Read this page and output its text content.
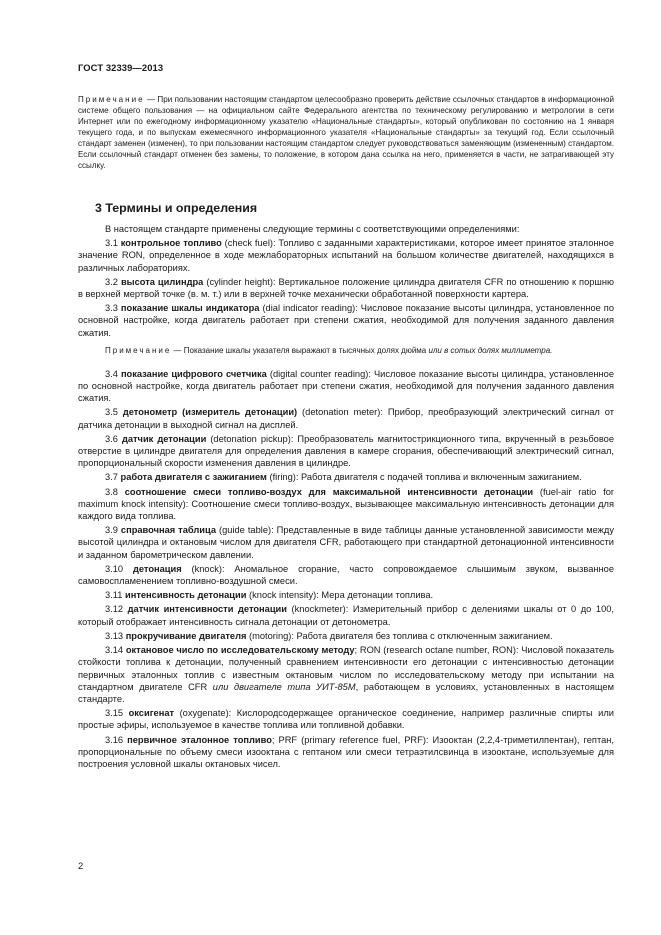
ГОСТ 32339—2013
Примечание — При пользовании настоящим стандартом целесообразно проверить действие ссылочных стандартов в информационной системе общего пользования — на официальном сайте Федерального агентства по техническому регулированию и метрологии в сети Интернет или по ежегодному информационному указателю «Национальные стандарты», который опубликован по состоянию на 1 января текущего года, и по выпускам ежемесячного информационного указателя «Национальные стандарты» за текущий год. Если ссылочный стандарт заменен (изменен), то при пользовании настоящим стандартом следует руководствоваться заменяющим (измененным) стандартом. Если ссылочный стандарт отменен без замены, то положение, в котором дана ссылка на него, применяется в части, не затрагивающей эту ссылку.
3 Термины и определения

В настоящем стандарте применены следующие термины с соответствующими определениями:

3.1 контрольное топливо (check fuel): Топливо с заданными характеристиками, которое имеет принятое эталонное значение RON, определенное в ходе межлабораторных испытаний на большом количестве двигателей, находящихся в различных лабораториях.

3.2 высота цилиндра (cylinder height): Вертикальное положение цилиндра двигателя CFR по отношению к поршню в верхней мертвой точке (в. м. т.) или в верхней точке механически обработанной поверхности картера.

3.3 показание шкалы индикатора (dial indicator reading): Числовое показание высоты цилиндра, установленное по основной настройке, когда двигатель работает при степени сжатия, необходимой для получения заданного давления сжатия.

Примечание — Показание шкалы указателя выражают в тысячных долях дюйма или в сотых долях миллиметра.

3.4 показание цифрового счетчика (digital counter reading): Числовое показание высоты цилиндра, установленное по основной настройке, когда двигатель работает при степени сжатия, необходимой для получения заданного давления сжатия.

3.5 детонометр (измеритель детонации) (detonation meter): Прибор, преобразующий электрический сигнал от датчика детонации в выходной сигнал на дисплей.

3.6 датчик детонации (detonation pickup): Преобразователь магнитострикционного типа, вкрученный в резьбовое отверстие в цилиндре двигателя для определения давления в камере сгорания, обеспечивающий электрический сигнал, пропорциональный скорости изменения давления в цилиндре.

3.7 работа двигателя с зажиганием (firing): Работа двигателя с подачей топлива и включенным зажиганием.

3.8 соотношение смеси топливо-воздух для максимальной интенсивности детонации (fuel-air ratio for maximum knock intensity): Соотношение смеси топливо-воздух, вызывающее максимальную интенсивность детонации для каждого вида топлива.

3.9 справочная таблица (guide table): Представленные в виде таблицы данные установленной зависимости между высотой цилиндра и октановым числом для двигателя CFR, работающего при стандартной детонационной интенсивности и заданном барометрическом давлении.

3.10 детонация (knock): Аномальное сгорание, часто сопровождаемое слышимым звуком, вызванное самовоспламенением топливно-воздушной смеси.

3.11 интенсивность детонации (knock intensity): Мера детонации топлива.

3.12 датчик интенсивности детонации (knockmeter): Измерительный прибор с делениями шкалы от 0 до 100, который отображает интенсивность сигнала детонации от детонометра.

3.13 прокручивание двигателя (motoring): Работа двигателя без топлива с отключенным зажиганием.

3.14 октановое число по исследовательскому методу; RON (research octane number, RON): Числовой показатель стойкости топлива к детонации, полученный сравнением интенсивности его детонации с интенсивностью детонации первичных эталонных топлив с известным октановым числом по исследовательскому методу при испытании на стандартном двигателе CFR или двигателе типа УИТ-85М, работающем в условиях, установленных в настоящем стандарте.

3.15 оксигенат (oxygenate): Кислородсодержащее органическое соединение, например различные спирты или простые эфиры, используемое в качестве топлива или топливной добавки.

3.16 первичное эталонное топливо; PRF (primary reference fuel, PRF): Изооктан (2,2,4-триметилпентан), гептан, пропорциональные по объему смеси изооктана с гептаном или смеси тетраэтилсвинца в изооктане, используемые для построения условной шкалы октановых чисел.

2
